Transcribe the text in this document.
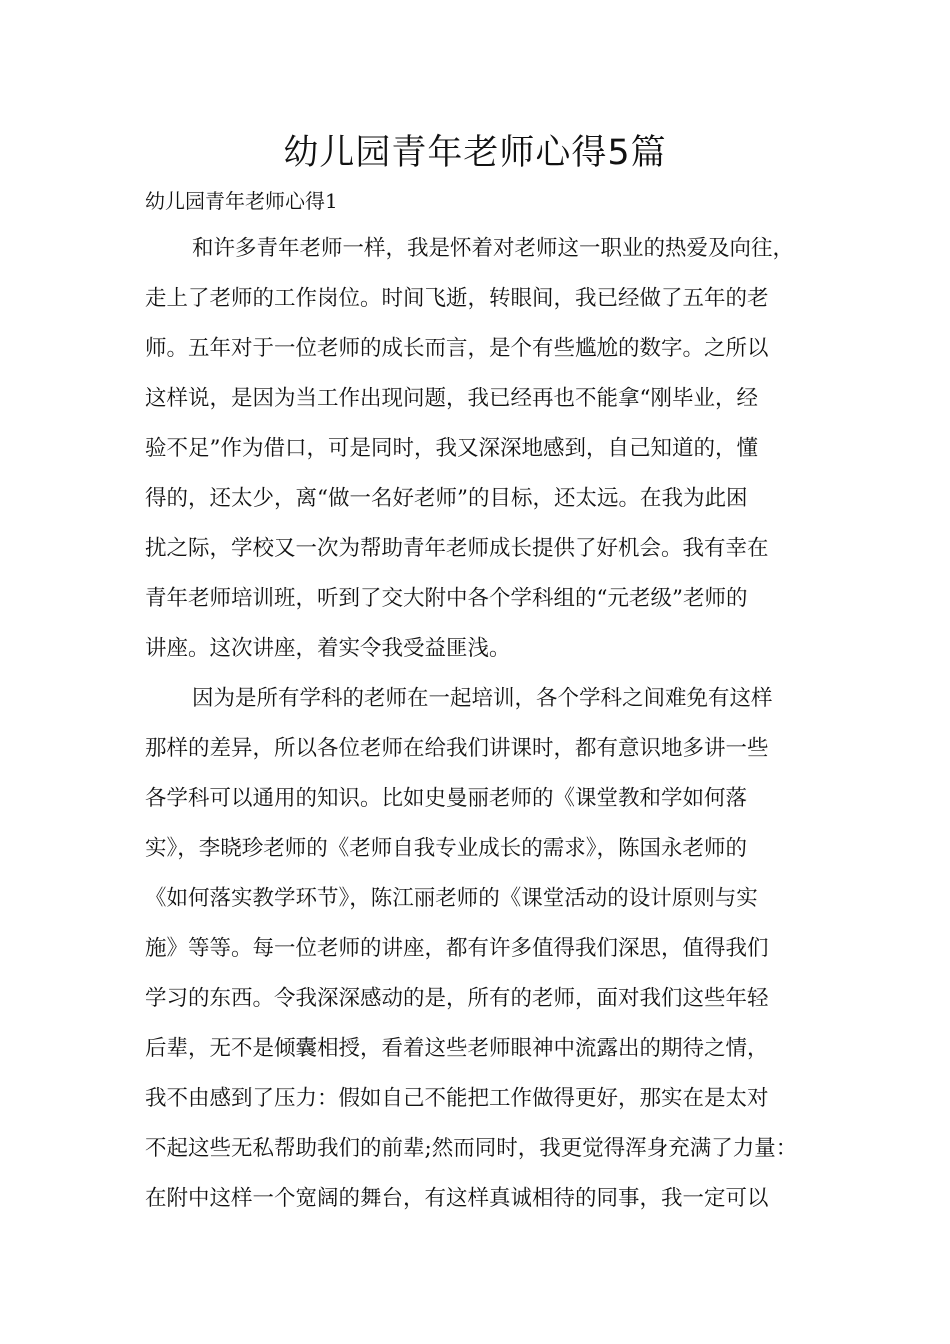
幼儿园青年老师心得5篇
幼儿园青年老师心得1

和许多青年老师一样，我是怀着对老师这一职业的热爱及向往，
走上了老师的工作岗位。时间飞逝，转眼间，我已经做了五年的老
师。五年对于一位老师的成长而言，是个有些尴尬的数字。之所以
这样说，是因为当工作出现问题，我已经再也不能拿“刚毕业，经
验不足”作为借口，可是同时，我又深深地感到，自己知道的，懂
得的，还太少，离“做一名好老师”的目标，还太远。在我为此困
扰之际，学校又一次为帮助青年老师成长提供了好机会。我有幸在
青年老师培训班，听到了交大附中各个学科组的“元老级”老师的
讲座。这次讲座，着实令我受益匪浅。

因为是所有学科的老师在一起培训，各个学科之间难免有这样
那样的差异，所以各位老师在给我们讲课时，都有意识地多讲一些
各学科可以通用的知识。比如史曼丽老师的《课堂教和学如何落
实》，李晓珍老师的《老师自我专业成长的需求》，陈国永老师的
《如何落实教学环节》，陈江丽老师的《课堂活动的设计原则与实
施》等等。每一位老师的讲座，都有许多值得我们深思，值得我们
学习的东西。令我深深感动的是，所有的老师，面对我们这些年轻
后辈，无不是倾囊相授，看着这些老师眼神中流露出的期待之情，
我不由感到了压力：假如自己不能把工作做得更好，那实在是太对
不起这些无私帮助我们的前辈;然而同时，我更觉得浑身充满了力量：
在附中这样一个宽阔的舞台，有这样真诚相待的同事，我一定可以
